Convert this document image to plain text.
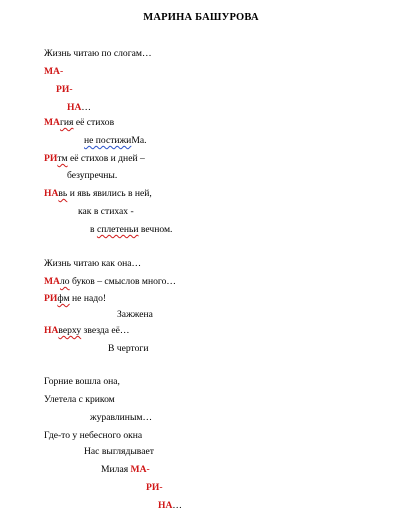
МАРИНА БАШУРОВА
Жизнь читаю по слогам…
МА-
РИ-
НА…
МАгия её стихов
не постижиМа.
РИтм её стихов и дней –
безупречны.
НАвь и явь явились в ней,
как в стихах -
в сплетеньи вечном.
Жизнь читаю как она…
МАло буков – смыслов много…
РИфм не надо!
Зажжена
НАверху звезда её…
В чертоги
Горние вошла она,
Улетела с криком
журавлиным…
Где-то у небесного окна
Нас выглядывает
Милая МА-
РИ-
НА…
